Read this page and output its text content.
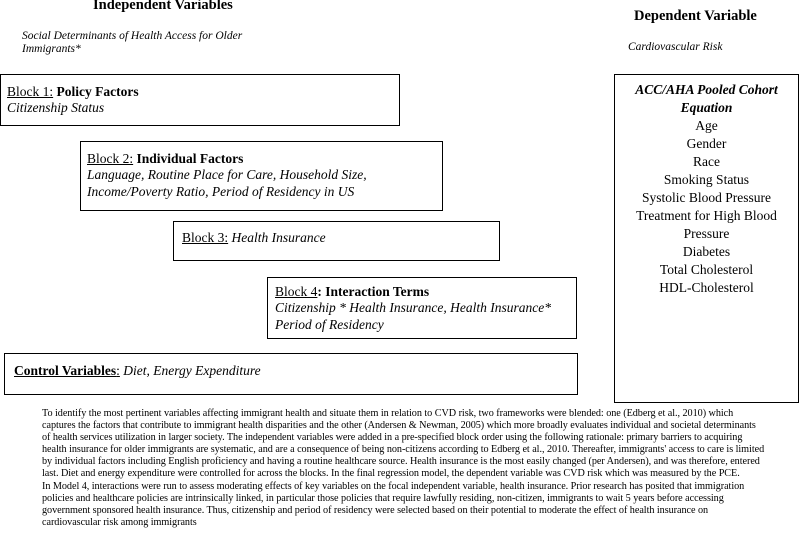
Independent Variables
Social Determinants of Health Access for Older Immigrants*
Dependent Variable
Cardiovascular Risk
Block 1: Policy Factors
Citizenship Status
Block 2: Individual Factors
Language, Routine Place for Care, Household Size,
Income/Poverty Ratio, Period of Residency in US
Block 3: Health Insurance
Block 4: Interaction Terms
Citizenship * Health Insurance, Health Insurance*
Period of Residency
Control Variables: Diet, Energy Expenditure
ACC/AHA Pooled Cohort
Equation
Age
Gender
Race
Smoking Status
Systolic Blood Pressure
Treatment for High Blood
Pressure
Diabetes
Total Cholesterol
HDL-Cholesterol
To identify the most pertinent variables affecting immigrant health and situate them in relation to CVD risk, two frameworks were blended: one (Edberg et al., 2010) which
captures the factors that contribute to immigrant health disparities and the other (Andersen & Newman, 2005) which more broadly evaluates individual and societal determinants
of health services utilization in larger society. The independent variables were added in a pre-specified block order using the following rationale: primary barriers to acquiring
health insurance for older immigrants are systematic, and are a consequence of being non-citizens according to Edberg et al., 2010. Thereafter, immigrants' access to care is limited
by individual factors including English proficiency and having a routine healthcare source. Health insurance is the most easily changed (per Andersen), and was therefore, entered
last. Diet and energy expenditure were controlled for across the blocks. In the final regression model, the dependent variable was CVD risk which was measured by the PCE.
In Model 4, interactions were run to assess moderating effects of key variables on the focal independent variable, health insurance. Prior research has posited that immigration
policies and healthcare policies are intrinsically linked, in particular those policies that require lawfully residing, non-citizen, immigrants to wait 5 years before accessing
government sponsored health insurance. Thus, citizenship and period of residency were selected based on their potential to moderate the effect of health insurance on
cardiovascular risk among immigrants
